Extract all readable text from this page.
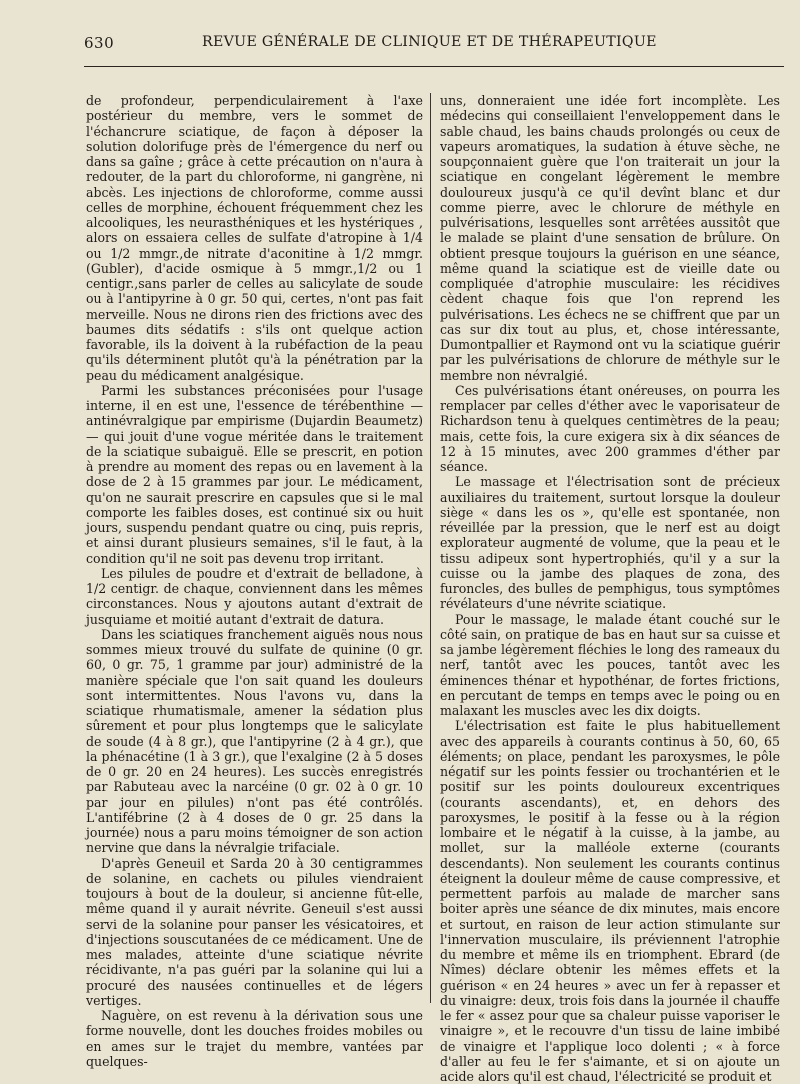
630	REVUE GÉNÉRALE DE CLINIQUE ET DE THÉRAPEUTIQUE

de profondeur, perpendiculairement à l'axe postérieur du membre, vers le sommet de l'échancrure sciatique, de façon à déposer la solution dolorifuge près de l'émergence du nerf ou dans sa gaîne ; grâce à cette précaution on n'aura à redouter, de la part du chloroforme, ni gangrène, ni abcès. Les injections de chloroforme, comme aussi celles de morphine, échouent fréquemment chez les alcooliques, les neurasthéniques et les hystériques , alors on essaiera celles de sulfate d'atropine à 1/4 ou 1/2 mmgr.,de nitrate d'aconitine à 1/2 mmgr. (Gubler), d'acide osmique à 5 mmgr.,1/2 ou 1 centigr.,sans parler de celles au salicylate de soude ou à l'antipyrine à 0 gr. 50 qui, certes, n'ont pas fait merveille. Nous ne dirons rien des frictions avec des baumes dits sédatifs : s'ils ont quelque action favorable, ils la doivent à la rubéfaction de la peau qu'ils déterminent plutôt qu'à la pénétration par la peau du médicament analgésique.

Parmi les substances préconisées pour l'usage interne, il en est une, l'essence de térébenthine — antinévralgique par empirisme (Dujardin Beaumetz) — qui jouit d'une vogue méritée dans le traitement de la sciatique subaiguë. Elle se prescrit, en potion à prendre au moment des repas ou en lavement à la dose de 2 à 15 grammes par jour. Le médicament, qu'on ne saurait prescrire en capsules que si le mal comporte les faibles doses, est continué six ou huit jours, suspendu pendant quatre ou cinq, puis repris, et ainsi durant plusieurs semaines, s'il le faut, à la condition qu'il ne soit pas devenu trop irritant.

Les pilules de poudre et d'extrait de belladone, à 1/2 centigr. de chaque, conviennent dans les mêmes circonstances. Nous y ajoutons autant d'extrait de jusquiame et moitié autant d'extrait de datura.

Dans les sciatiques franchement aiguës nous nous sommes mieux trouvé du sulfate de quinine (0 gr. 60, 0 gr. 75, 1 gramme par jour) administré de la manière spéciale que l'on sait quand les douleurs sont intermittentes. Nous l'avons vu, dans la sciatique rhumatismale, amener la sédation plus sûrement et pour plus longtemps que le salicylate de soude (4 à 8 gr.), que l'antipyrine (2 à 4 gr.), que la phénacétine (1 à 3 gr.), que l'exalgine (2 à 5 doses de 0 gr. 20 en 24 heures). Les succès enregistrés par Rabuteau avec la narcéine (0 gr. 02 à 0 gr. 10 par jour en pilules) n'ont pas été contrôlés. L'antifébrine (2 à 4 doses de 0 gr. 25 dans la journée) nous a paru moins témoigner de son action nervine que dans la névralgie trifaciale.

D'après Geneuil et Sarda 20 à 30 centigrammes de solanine, en cachets ou pilules viendraient toujours à bout de la douleur, si ancienne fût-elle, même quand il y aurait névrite. Geneuil s'est aussi servi de la solanine pour panser les vésicatoires, et d'injections souscutanées de ce médicament. Une de mes malades, atteinte d'une sciatique névrite récidivante, n'a pas guéri par la solanine qui lui a procuré des nausées continuelles et de légers vertiges.

Naguère, on est revenu à la dérivation sous une forme nouvelle, dont les douches froides mobiles ou en ames sur le trajet du membre, vantées par quelques-

uns, donneraient une idée fort incomplète. Les médecins qui conseillaient l'enveloppement dans le sable chaud, les bains chauds prolongés ou ceux de vapeurs aromatiques, la sudation à étuve sèche, ne soupçonnaient guère que l'on traiterait un jour la sciatique en congelant légèrement le membre douloureux jusqu'à ce qu'il devînt blanc et dur comme pierre, avec le chlorure de méthyle en pulvérisations, lesquelles sont arrêtées aussitôt que le malade se plaint d'une sensation de brûlure. On obtient presque toujours la guérison en une séance, même quand la sciatique est de vieille date ou compliquée d'atrophie musculaire: les récidives cèdent chaque fois que l'on reprend les pulvérisations. Les échecs ne se chiffrent que par un cas sur dix tout au plus, et, chose intéressante, Dumontpallier et Raymond ont vu la sciatique guérir par les pulvérisations de chlorure de méthyle sur le membre non névralgié.

Ces pulvérisations étant onéreuses, on pourra les remplacer par celles d'éther avec le vaporisateur de Richardson tenu à quelques centimètres de la peau; mais, cette fois, la cure exigera six à dix séances de 12 à 15 minutes, avec 200 grammes d'éther par séance.

Le massage et l'électrisation sont de précieux auxiliaires du traitement, surtout lorsque la douleur siège « dans les os », qu'elle est spontanée, non réveillée par la pression, que le nerf est au doigt explorateur augmenté de volume, que la peau et le tissu adipeux sont hypertrophiés, qu'il y a sur la cuisse ou la jambe des plaques de zona, des furoncles, des bulles de pemphigus, tous symptômes révélateurs d'une névrite sciatique.

Pour le massage, le malade étant couché sur le côté sain, on pratique de bas en haut sur sa cuisse et sa jambe légèrement fléchies le long des rameaux du nerf, tantôt avec les pouces, tantôt avec les éminences thénar et hypothénar, de fortes frictions, en percutant de temps en temps avec le poing ou en malaxant les muscles avec les dix doigts.

L'électrisation est faite le plus habituellement avec des appareils à courants continus à 50, 60, 65 éléments; on place, pendant les paroxysmes, le pôle négatif sur les points fessier ou trochantérien et le positif sur les points douloureux excentriques (courants ascendants), et, en dehors des paroxysmes, le positif à la fesse ou à la région lombaire et le négatif à la cuisse, à la jambe, au mollet, sur la malléole externe (courants descendants). Non seulement les courants continus éteignent la douleur même de cause compressive, et permettent parfois au malade de marcher sans boiter après une séance de dix minutes, mais encore et surtout, en raison de leur action stimulante sur l'innervation musculaire, ils préviennent l'atrophie du membre et même ils en triomphent. Ebrard (de Nîmes) déclare obtenir les mêmes effets et la guérison « en 24 heures » avec un fer à repasser et du vinaigre: deux, trois fois dans la journée il chauffe le fer « assez pour que sa chaleur puisse vaporiser le vinaigre », et le recouvre d'un tissu de laine imbibé de vinaigre et l'applique loco dolenti ; « à force d'aller au feu le fer s'aimante, et si on ajoute un acide alors qu'il est chaud, l'électricité se produit et
